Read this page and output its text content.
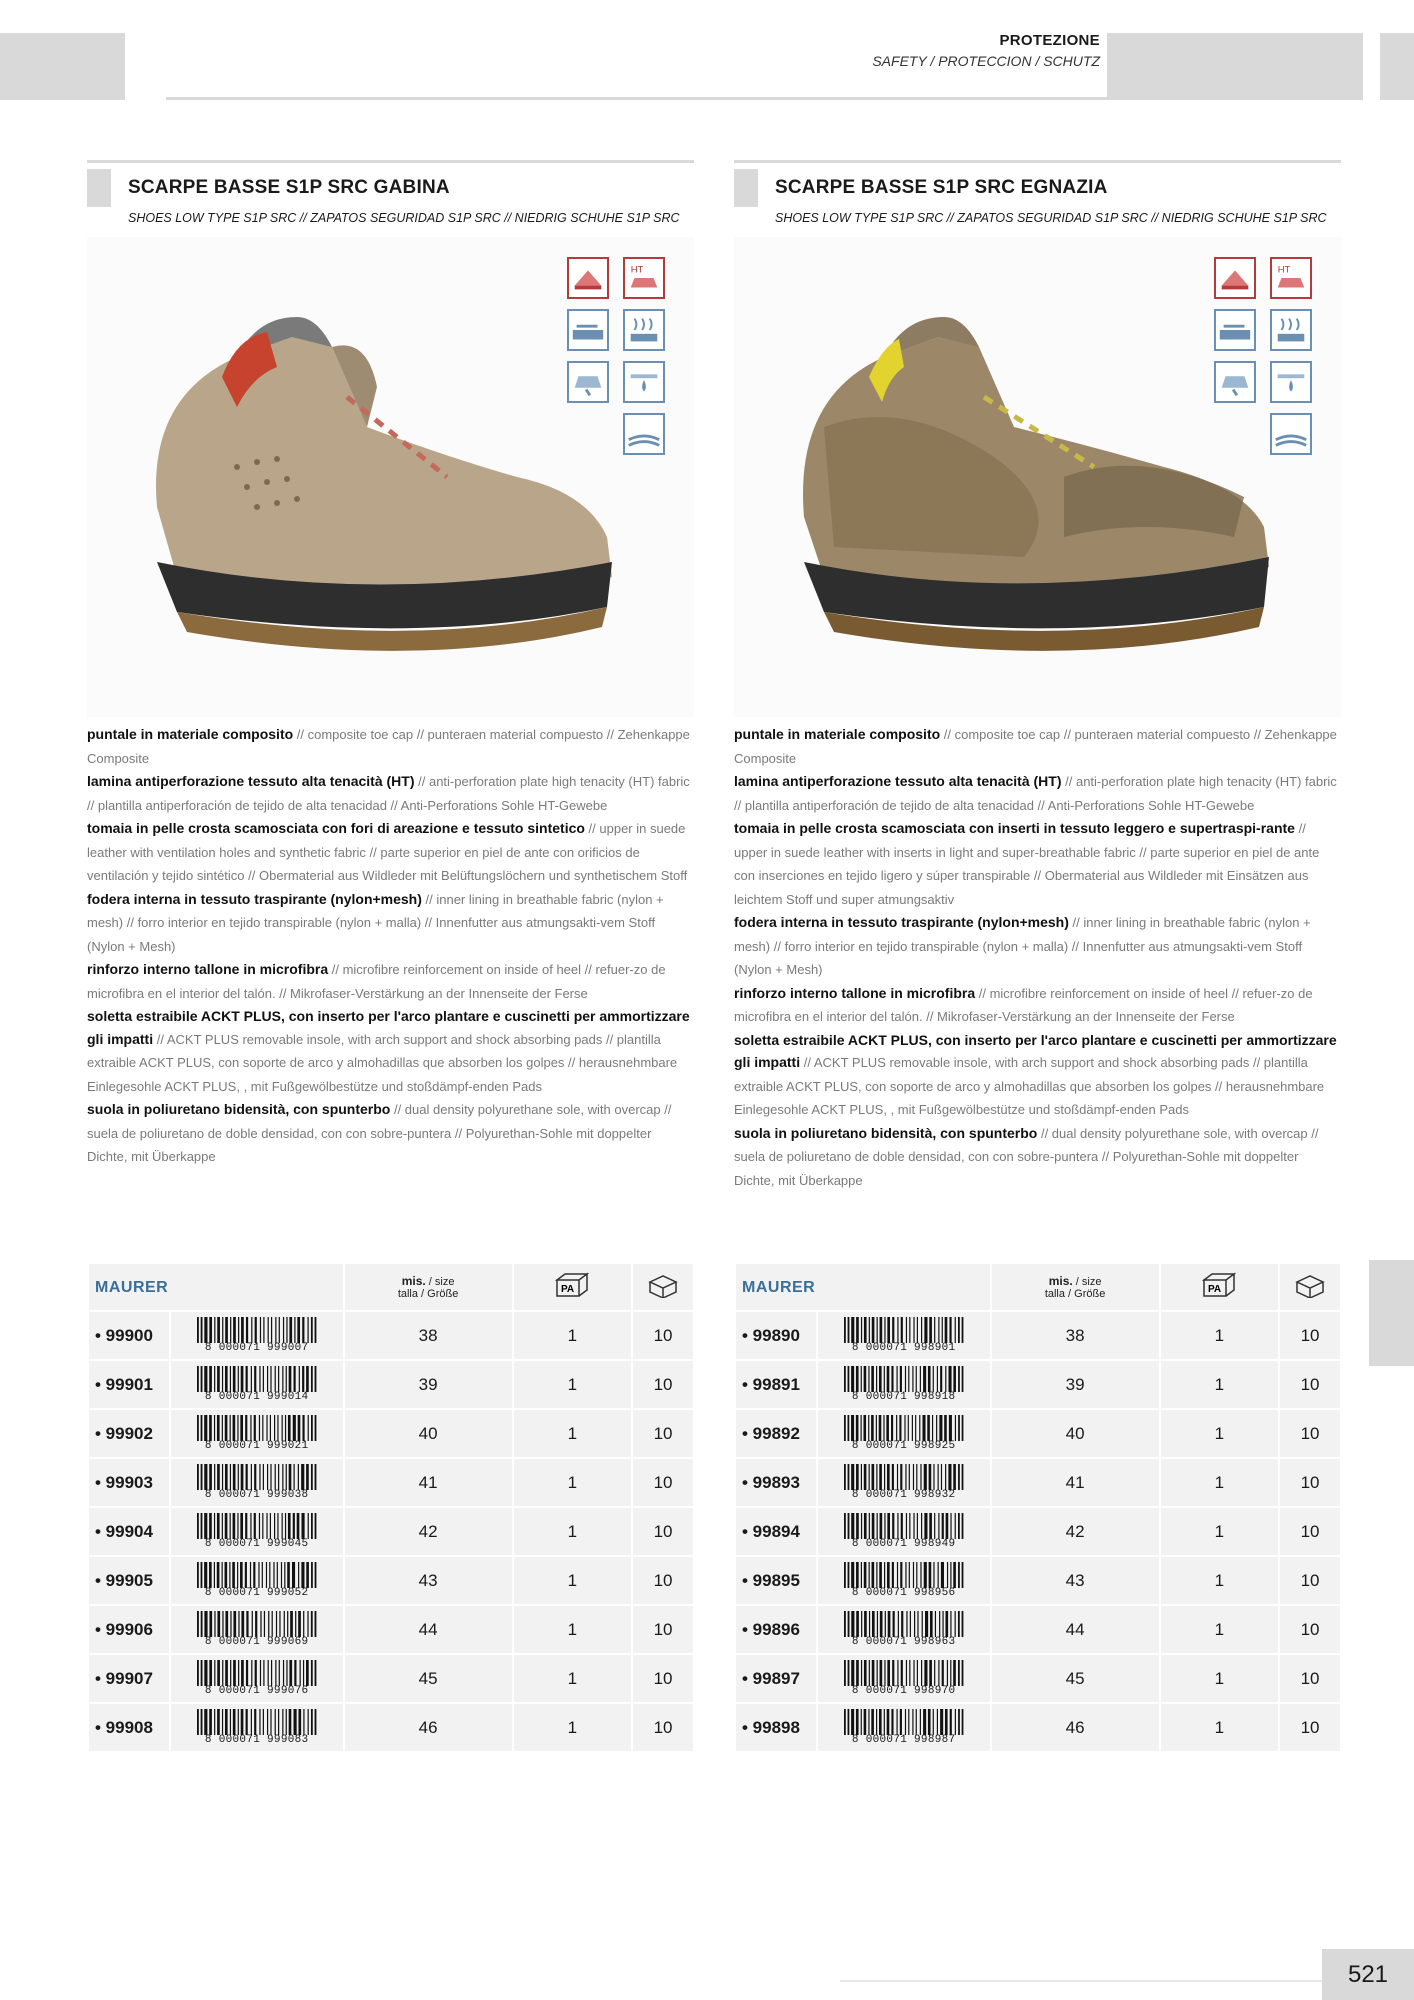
PROTEZIONE
SAFETY / PROTECCION / SCHUTZ
SCARPE BASSE S1P SRC GABINA
SHOES LOW TYPE S1P SRC // ZAPATOS SEGURIDAD S1P SRC // NIEDRIG SCHUHE S1P SRC
HT
puntale in materiale composito // composite toe cap // punteraen material compuesto // Zehenkappe Composite
lamina antiperforazione tessuto alta tenacità (HT) // anti-perforation plate high tenacity (HT) fabric // plantilla antiperforación de tejido de alta tenacidad // Anti-Perforations Sohle HT-Gewebe
tomaia in pelle crosta scamosciata con fori di areazione e tessuto sintetico // upper in suede leather with ventilation holes and synthetic fabric // parte superior en piel de ante con orificios de ventilación y tejido sintético // Obermaterial aus Wildleder mit Belüftungslöchern und synthetischem Stoff
fodera interna in tessuto traspirante (nylon+mesh) // inner lining in breathable fabric (nylon + mesh) // forro interior en tejido transpirable (nylon + malla) // Innenfutter aus atmungsakti-vem Stoff (Nylon + Mesh)
rinforzo interno tallone in microfibra // microfibre reinforcement on inside of heel // refuer-zo de microfibra en el interior del talón. // Mikrofaser-Verstärkung an der Innenseite der Ferse
soletta estraibile ACKT PLUS, con inserto per l'arco plantare e cuscinetti per ammortizzare gli impatti // ACKT PLUS removable insole, with arch support and shock absorbing pads // plantilla extraible ACKT PLUS, con soporte de arco y almohadillas que absorben los golpes // herausnehmbare Einlegesohle ACKT PLUS, , mit Fußgewölbestütze und stoßdämpf-enden Pads
suola in poliuretano bidensità, con spunterbo // dual density polyurethane sole, with overcap // suela de poliuretano de doble densidad, con con sobre-puntera // Polyurethan-Sohle mit doppelter Dichte, mit Überkappe
SCARPE BASSE S1P SRC EGNAZIA
SHOES LOW TYPE S1P SRC // ZAPATOS SEGURIDAD S1P SRC // NIEDRIG SCHUHE S1P SRC
HT
puntale in materiale composito // composite toe cap // punteraen material compuesto // Zehenkappe Composite
lamina antiperforazione tessuto alta tenacità (HT) // anti-perforation plate high tenacity (HT) fabric // plantilla antiperforación de tejido de alta tenacidad // Anti-Perforations Sohle HT-Gewebe
tomaia in pelle crosta scamosciata con inserti in tessuto leggero e supertraspi-rante // upper in suede leather with inserts in light and super-breathable fabric // parte superior en piel de ante con inserciones en tejido ligero y súper transpirable // Obermaterial aus Wildleder mit Einsätzen aus leichtem Stoff und super atmungsaktiv
fodera interna in tessuto traspirante (nylon+mesh) // inner lining in breathable fabric (nylon + mesh) // forro interior en tejido transpirable (nylon + malla) // Innenfutter aus atmungsakti-vem Stoff (Nylon + Mesh)
rinforzo interno tallone in microfibra // microfibre reinforcement on inside of heel // refuer-zo de microfibra en el interior del talón. // Mikrofaser-Verstärkung an der Innenseite der Ferse
soletta estraibile ACKT PLUS, con inserto per l'arco plantare e cuscinetti per ammortizzare gli impatti // ACKT PLUS removable insole, with arch support and shock absorbing pads // plantilla extraible ACKT PLUS, con soporte de arco y almohadillas que absorben los golpes // herausnehmbare Einlegesohle ACKT PLUS, , mit Fußgewölbestütze und stoßdämpf-enden Pads
suola in poliuretano bidensità, con spunterbo // dual density polyurethane sole, with overcap // suela de poliuretano de doble densidad, con con sobre-puntera // Polyurethan-Sohle mit doppelter Dichte, mit Überkappe
MAURER		mis. / size
talla / Größe	PA

• 99900	8 000071 999007	38	1	10
• 99901	8 000071 999014	39	1	10
• 99902	8 000071 999021	40	1	10
• 99903	8 000071 999038	41	1	10
• 99904	8 000071 999045	42	1	10
• 99905	8 000071 999052	43	1	10
• 99906	8 000071 999069	44	1	10
• 99907	8 000071 999076	45	1	10
• 99908	8 000071 999083	46	1	10
MAURER		mis. / size
talla / Größe	PA

• 99890	8 000071 998901	38	1	10
• 99891	8 000071 998918	39	1	10
• 99892	8 000071 998925	40	1	10
• 99893	8 000071 998932	41	1	10
• 99894	8 000071 998949	42	1	10
• 99895	8 000071 998956	43	1	10
• 99896	8 000071 998963	44	1	10
• 99897	8 000071 998970	45	1	10
• 99898	8 000071 998987	46	1	10
521
